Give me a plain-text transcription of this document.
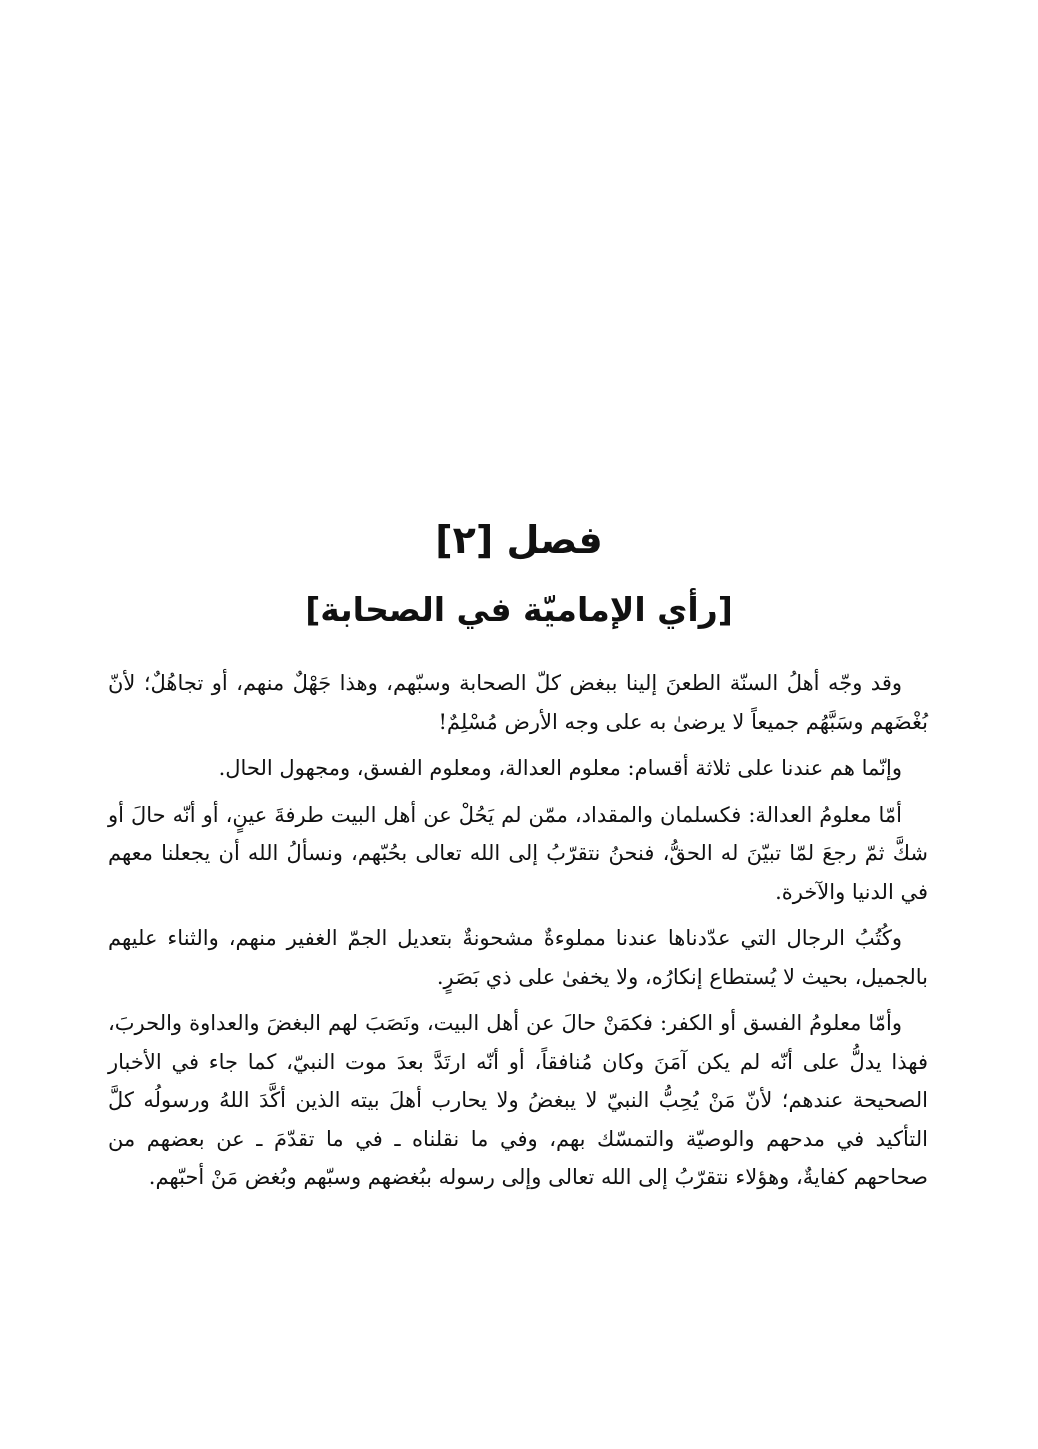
فصل [٢]
[رأي الإماميّة في الصحابة]

وقد وجّه أهلُ السنّة الطعنَ إلينا ببغض كلّ الصحابة وسبّهم، وهذا جَهْلٌ منهم، أو تجاهُلٌ؛ لأنّ بُغْضَهم وسَبَّهُم جميعاً لا يرضىٰ به على وجه الأرض مُسْلِمٌ!

وإنّما هم عندنا على ثلاثة أقسام: معلوم العدالة، ومعلوم الفسق، ومجهول الحال.

أمّا معلومُ العدالة: فكسلمان والمقداد، ممّن لم يَحُلْ عن أهل البيت طرفةَ عينٍ، أو أنّه حالَ أو شكَّ ثمّ رجعَ لمّا تبيّنَ له الحقُّ، فنحنُ نتقرّبُ إلى الله تعالى بحُبّهم، ونسألُ الله أن يجعلنا معهم في الدنيا والآخرة.

وكُتُبُ الرجال التي عدّدناها عندنا مملوءةٌ مشحونةٌ بتعديل الجمّ الغفير منهم، والثناء عليهم بالجميل، بحيث لا يُستطاع إنكارُه، ولا يخفىٰ على ذي بَصَرٍ.

وأمّا معلومُ الفسق أو الكفر: فكمَنْ حالَ عن أهل البيت، ونَصَبَ لهم البغضَ والعداوة والحربَ، فهذا يدلُّ على أنّه لم يكن آمَنَ وكان مُنافقاً، أو أنّه ارتَدَّ بعدَ موت النبيّ، كما جاء في الأخبار الصحيحة عندهم؛ لأنّ مَنْ يُحِبُّ النبيّ لا يبغضُ ولا يحارب أهلَ بيته الذين أكَّدَ اللهُ ورسولُه كلَّ التأكيد في مدحهم والوصيّة والتمسّك بهم، وفي ما نقلناه ـ في ما تقدّمَ ـ عن بعضهم من صحاحهم كفايةٌ، وهؤلاء نتقرّبُ إلى الله تعالى وإلى رسوله ببُغضهم وسبّهم وبُغض مَنْ أحبّهم.
